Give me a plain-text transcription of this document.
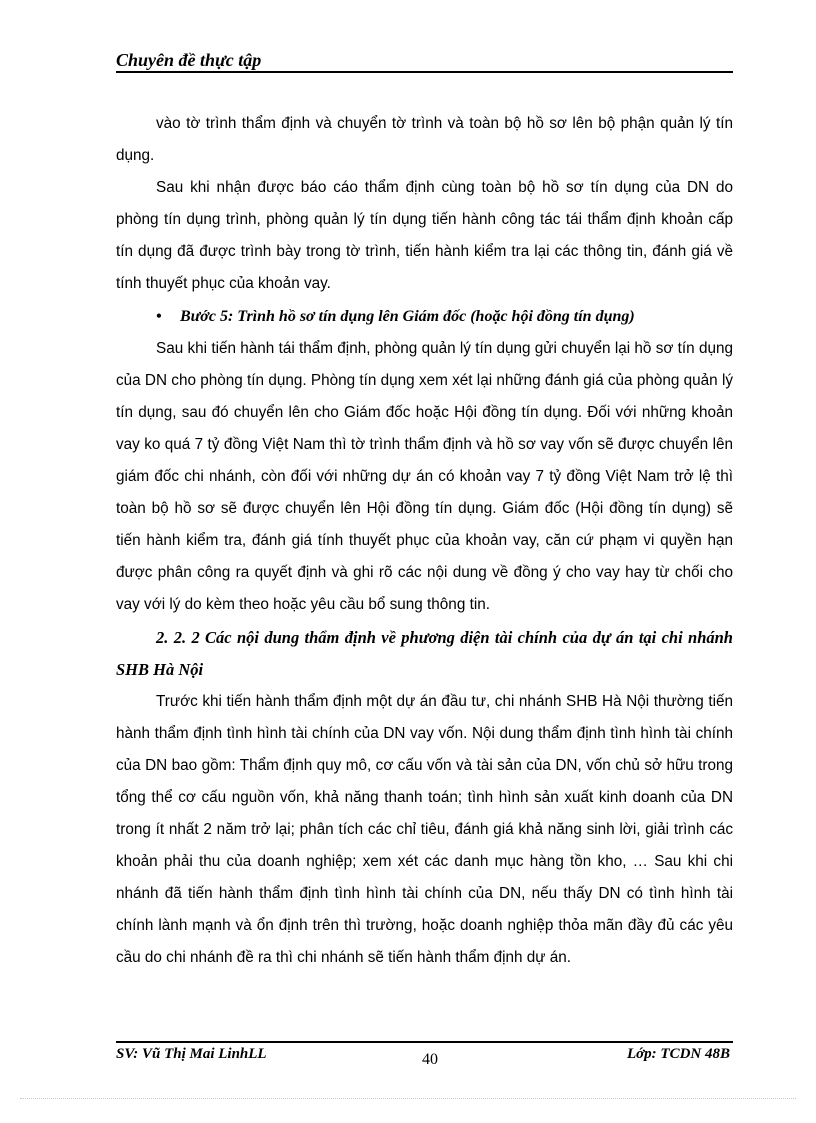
Chuyên đề thực tập

vào tờ trình thẩm định và chuyển tờ trình và toàn bộ hồ sơ lên bộ phận quản lý tín dụng.

Sau khi nhận được báo cáo thẩm định cùng toàn bộ hồ sơ tín dụng của DN do phòng tín dụng trình, phòng quản lý tín dụng tiến hành công tác tái thẩm định khoản cấp tín dụng đã được trình bày trong tờ trình, tiến hành kiểm tra lại các thông tin, đánh giá về tính thuyết phục của khoản vay.

• Bước 5: Trình hồ sơ tín dụng lên Giám đốc (hoặc hội đồng tín dụng)

Sau khi tiến hành tái thẩm định, phòng quản lý tín dụng gửi chuyển lại hồ sơ tín dụng của DN cho phòng tín dụng. Phòng tín dụng xem xét lại những đánh giá của phòng quản lý tín dụng, sau đó chuyển lên cho Giám đốc hoặc Hội đồng tín dụng. Đối với những khoản vay ko quá 7 tỷ đồng Việt Nam thì tờ trình thẩm định và hồ sơ vay vốn sẽ được chuyển lên giám đốc chi nhánh, còn đối với những dự án có khoản vay 7 tỷ đồng Việt Nam trở lệ thì toàn bộ hồ sơ sẽ được chuyển lên Hội đồng tín dụng. Giám đốc (Hội đồng tín dụng) sẽ tiến hành kiểm tra, đánh giá tính thuyết phục của khoản vay, căn cứ phạm vi quyền hạn được phân công ra quyết định và ghi rõ các nội dung về đồng ý cho vay hay từ chối cho vay với lý do kèm theo hoặc yêu cầu bổ sung thông tin.

2. 2. 2 Các nội dung thẩm định về phương diện tài chính của dự án tại chi nhánh SHB Hà Nội

Trước khi tiến hành thẩm định một dự án đầu tư, chi nhánh SHB Hà Nội thường tiến hành thẩm định tình hình tài chính của DN vay vốn. Nội dung thẩm định tình hình tài chính của DN bao gồm: Thẩm định quy mô, cơ cấu vốn và tài sản của DN, vốn chủ sở hữu trong tổng thể cơ cấu nguồn vốn, khả năng thanh toán; tình hình sản xuất kinh doanh của DN trong ít nhất 2 năm trở lại; phân tích các chỉ tiêu, đánh giá khả năng sinh lời, giải trình các khoản phải thu của doanh nghiệp; xem xét các danh mục hàng tồn kho, … Sau khi chi nhánh đã tiến hành thẩm định tình hình tài chính của DN, nếu thấy DN có tình hình tài chính lành mạnh và ổn định trên thì trường, hoặc doanh nghiệp thỏa mãn đầy đủ các yêu cầu do chi nhánh đề ra thì chi nhánh sẽ tiến hành thẩm định dự án.

SV: Vũ Thị Mai LinhLL	40	Lớp: TCDN 48B
